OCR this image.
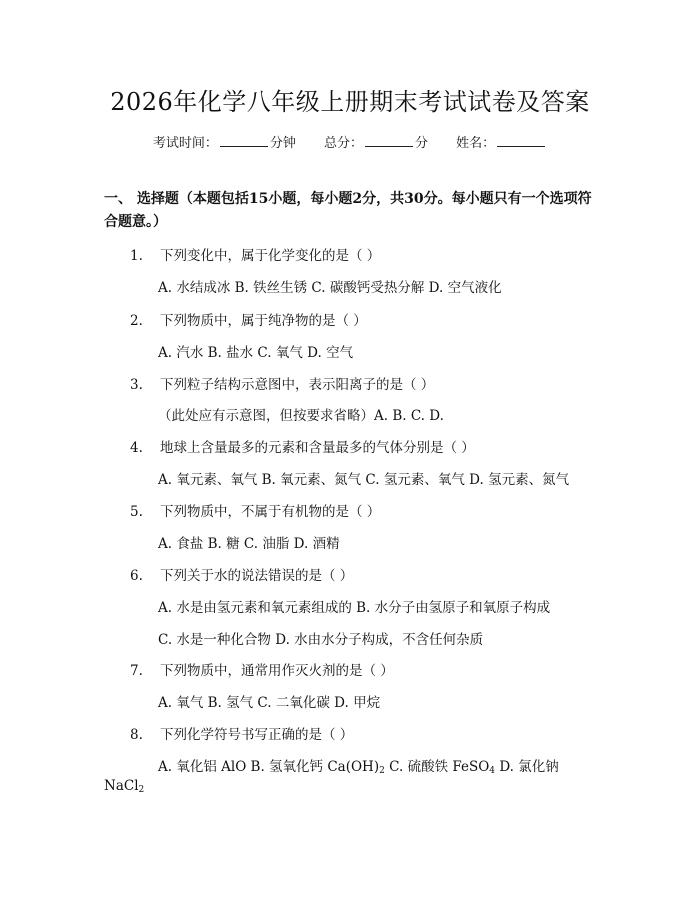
2026年化学八年级上册期末考试试卷及答案
考试时间：	分钟 总分：	分 姓名：
一、 选择题（本题包括15小题，每小题2分，共30分。每小题只有一个选项符合题意。）
1. 下列变化中，属于化学变化的是（ ）
A. 水结成冰 B. 铁丝生锈 C. 碳酸钙受热分解 D. 空气液化
2. 下列物质中，属于纯净物的是（ ）
A. 汽水 B. 盐水 C. 氧气 D. 空气
3. 下列粒子结构示意图中，表示阳离子的是（ ）
（此处应有示意图，但按要求省略）A. B. C. D.
4. 地球上含量最多的元素和含量最多的气体分别是（ ）
A. 氧元素、氧气 B. 氧元素、氮气 C. 氢元素、氧气 D. 氢元素、氮气
5. 下列物质中，不属于有机物的是（ ）
A. 食盐 B. 糖 C. 油脂 D. 酒精
6. 下列关于水的说法错误的是（ ）
A. 水是由氢元素和氧元素组成的 B. 水分子由氢原子和氧原子构成
C. 水是一种化合物 D. 水由水分子构成，不含任何杂质
7. 下列物质中，通常用作灭火剂的是（ ）
A. 氧气 B. 氢气 C. 二氧化碳 D. 甲烷
8. 下列化学符号书写正确的是（ ）
A. 氧化铝 AlO B. 氢氧化钙 $Ca(OH)_2$ C. 硫酸铁 FeSO$_4$ D. 氯化钠
NaCl$_2$
